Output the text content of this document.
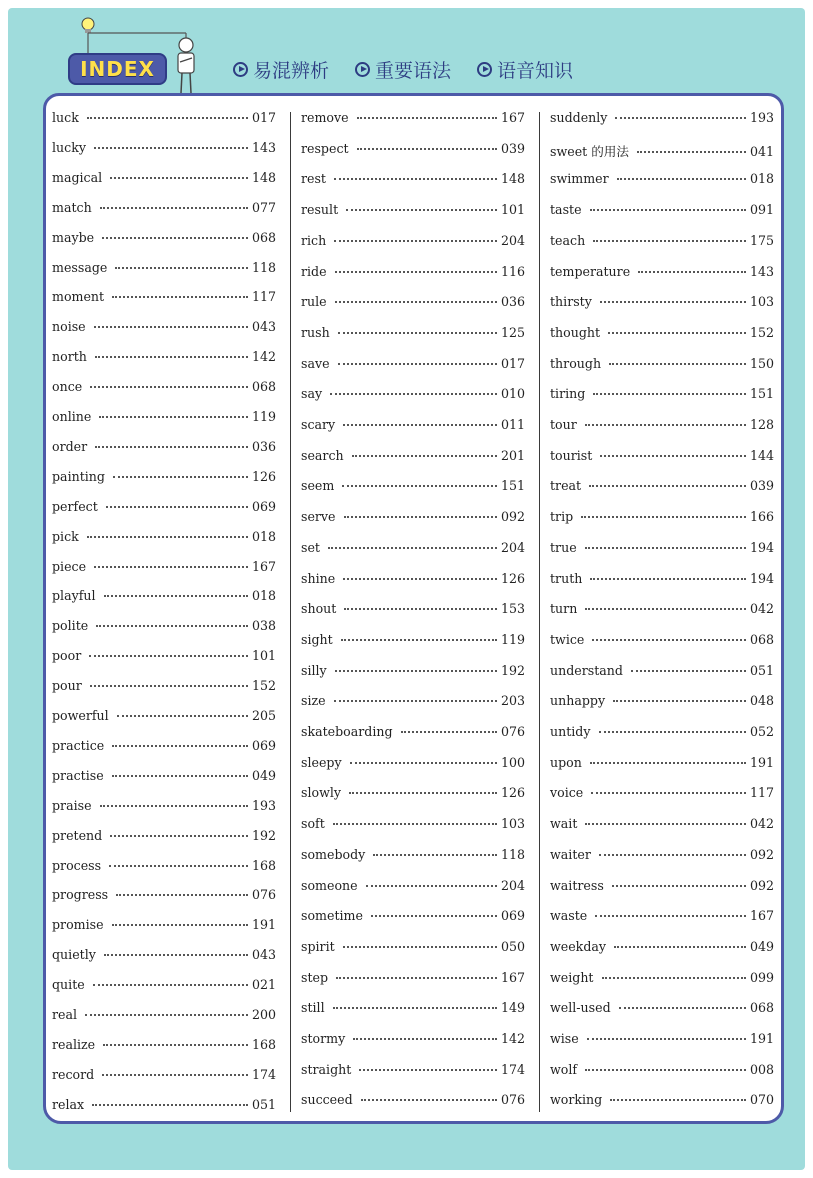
INDEX	易混辨析 重要语法 语音知识
luck	017
lucky	143
magical	148
match	077
maybe	068
message	118
moment	117
noise	043
north	142
once	068
online	119
order	036
painting	126
perfect	069
pick	018
piece	167
playful	018
polite	038
poor	101
pour	152
powerful	205
practice	069
practise	049
praise	193
pretend	192
process	168
progress	076
promise	191
quietly	043
quite	021
real	200
realize	168
record	174
relax	051
remove	167
respect	039
rest	148
result	101
rich	204
ride	116
rule	036
rush	125
save	017
say	010
scary	011
search	201
seem	151
serve	092
set	204
shine	126
shout	153
sight	119
silly	192
size	203
skateboarding	076
sleepy	100
slowly	126
soft	103
somebody	118
someone	204
sometime	069
spirit	050
step	167
still	149
stormy	142
straight	174
succeed	076
suddenly	193
sweet 的用法	041
swimmer	018
taste	091
teach	175
temperature	143
thirsty	103
thought	152
through	150
tiring	151
tour	128
tourist	144
treat	039
trip	166
true	194
truth	194
turn	042
twice	068
understand	051
unhappy	048
untidy	052
upon	191
voice	117
wait	042
waiter	092
waitress	092
waste	167
weekday	049
weight	099
well-used	068
wise	191
wolf	008
working	070
